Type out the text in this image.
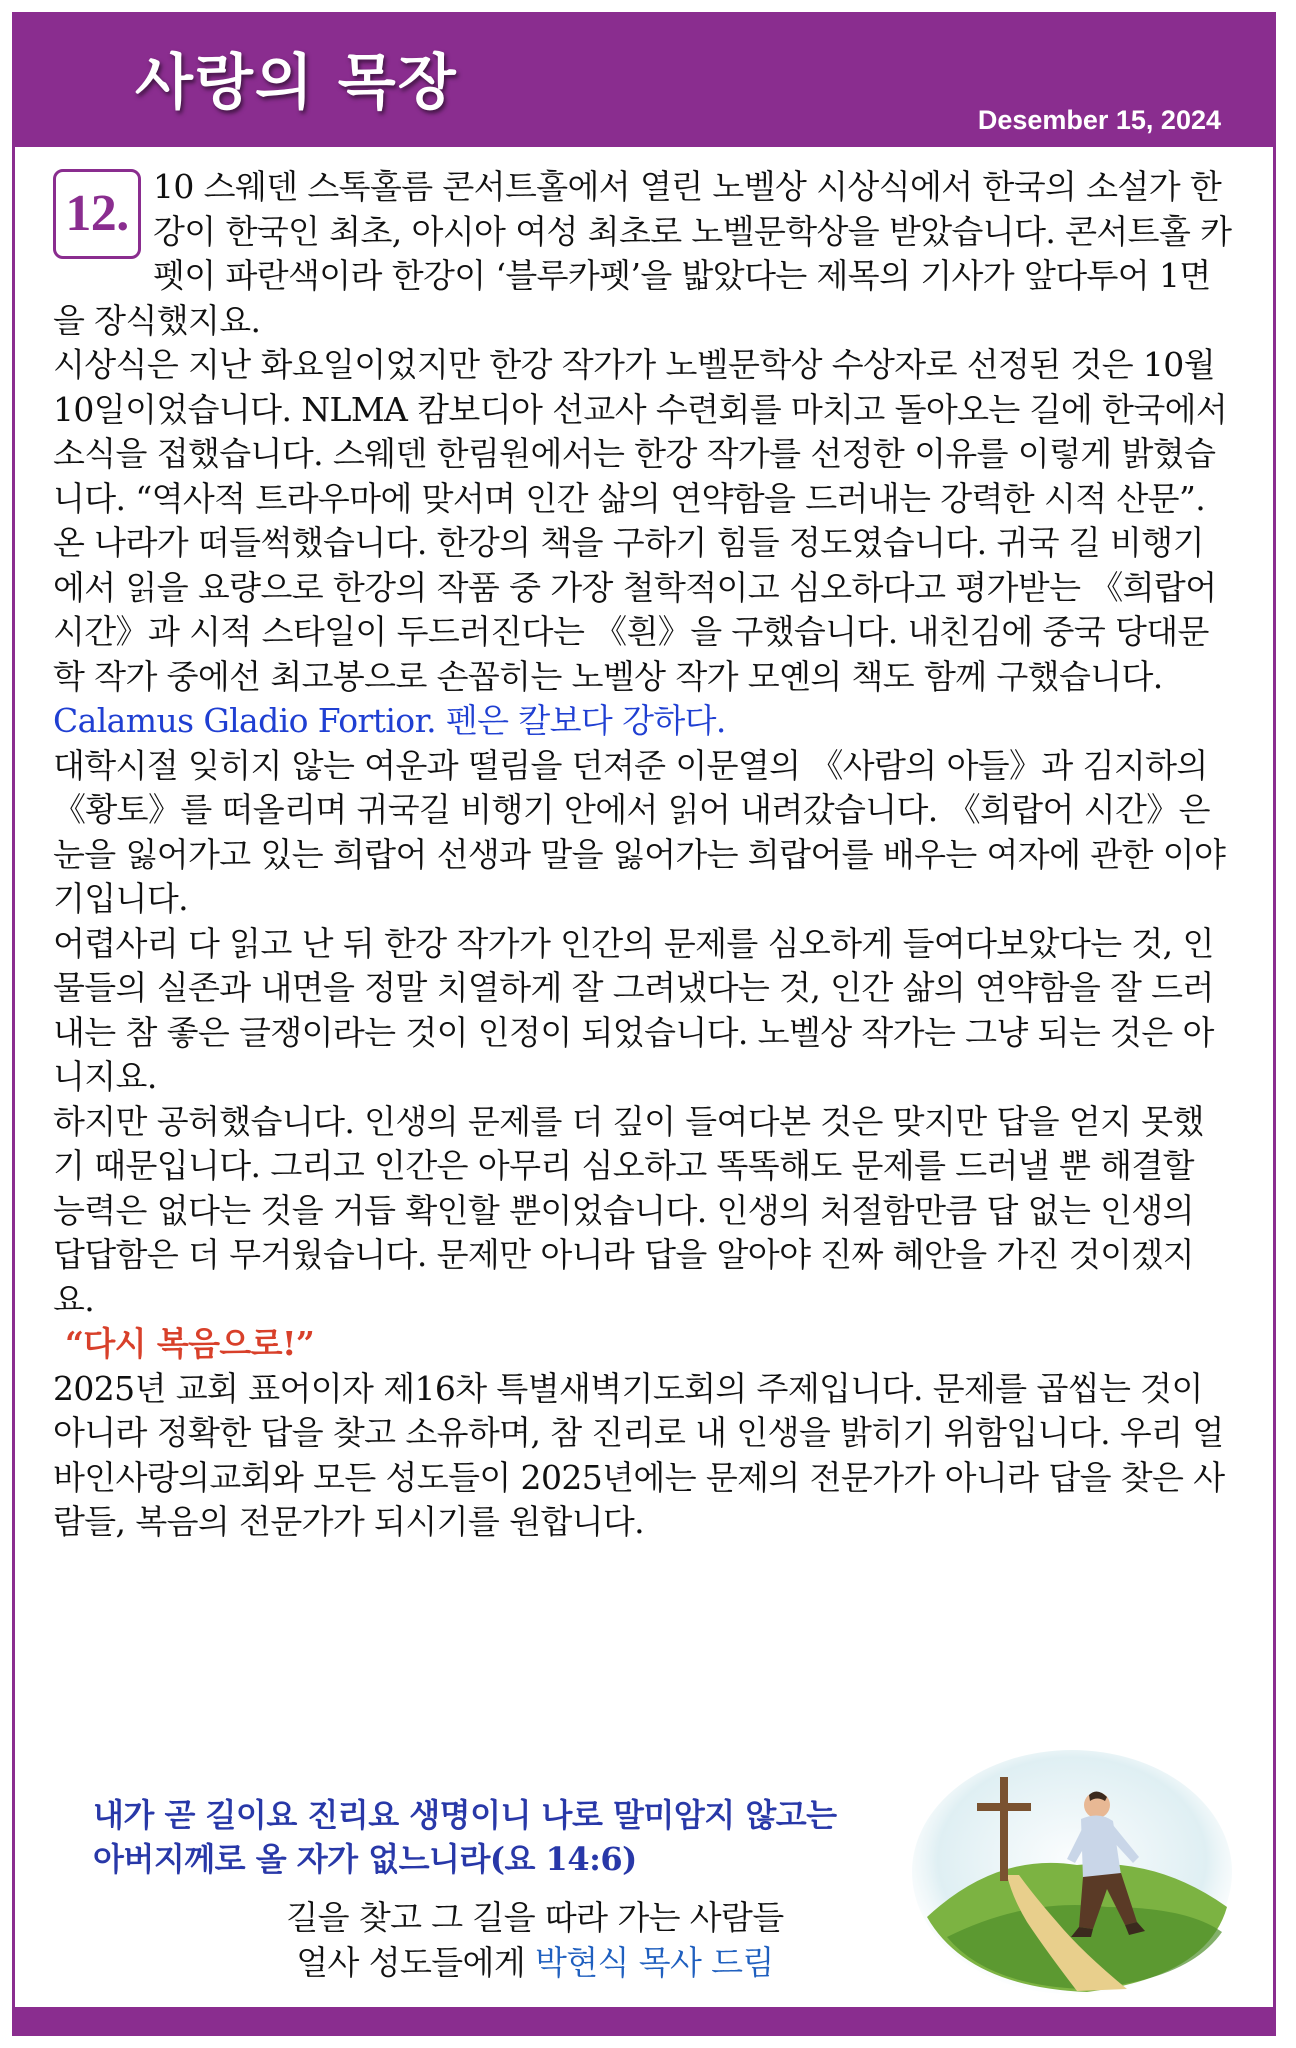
사랑의 목장
Desember 15, 2024

12. 10 스웨덴 스톡홀름 콘서트홀에서 열린 노벨상 시상식에서 한국의 소설가 한강이 한국인 최초, 아시아 여성 최초로 노벨문학상을 받았습니다. 콘서트홀 카펫이 파란색이라 한강이 ‘블루카펫’을 밟았다는 제목의 기사가 앞다투어 1면을 장식했지요.

시상식은 지난 화요일이었지만 한강 작가가 노벨문학상 수상자로 선정된 것은 10월 10일이었습니다. NLMA 캄보디아 선교사 수련회를 마치고 돌아오는 길에 한국에서 소식을 접했습니다. 스웨덴 한림원에서는 한강 작가를 선정한 이유를 이렇게 밝혔습니다. “역사적 트라우마에 맞서며 인간 삶의 연약함을 드러내는 강력한 시적 산문”. 온 나라가 떠들썩했습니다. 한강의 책을 구하기 힘들 정도였습니다. 귀국 길 비행기에서 읽을 요량으로 한강의 작품 중 가장 철학적이고 심오하다고 평가받는 《희랍어 시간》과 시적 스타일이 두드러진다는 《흰》을 구했습니다. 내친김에 중국 당대문학 작가 중에선 최고봉으로 손꼽히는 노벨상 작가 모옌의 책도 함께 구했습니다.

Calamus Gladio Fortior. 펜은 칼보다 강하다.

대학시절 잊히지 않는 여운과 떨림을 던져준 이문열의 《사람의 아들》과 김지하의 《황토》를 떠올리며 귀국길 비행기 안에서 읽어 내려갔습니다. 《희랍어 시간》은 눈을 잃어가고 있는 희랍어 선생과 말을 잃어가는 희랍어를 배우는 여자에 관한 이야기입니다.

어렵사리 다 읽고 난 뒤 한강 작가가 인간의 문제를 심오하게 들여다보았다는 것, 인물들의 실존과 내면을 정말 치열하게 잘 그려냈다는 것, 인간 삶의 연약함을 잘 드러내는 참 좋은 글쟁이라는 것이 인정이 되었습니다. 노벨상 작가는 그냥 되는 것은 아니지요.

하지만 공허했습니다. 인생의 문제를 더 깊이 들여다본 것은 맞지만 답을 얻지 못했기 때문입니다. 그리고 인간은 아무리 심오하고 똑똑해도 문제를 드러낼 뿐 해결할 능력은 없다는 것을 거듭 확인할 뿐이었습니다. 인생의 처절함만큼 답 없는 인생의 답답함은 더 무거웠습니다. 문제만 아니라 답을 알아야 진짜 혜안을 가진 것이겠지요.

“다시 복음으로!”

2025년 교회 표어이자 제16차 특별새벽기도회의 주제입니다. 문제를 곱씹는 것이 아니라 정확한 답을 찾고 소유하며, 참 진리로 내 인생을 밝히기 위함입니다. 우리 얼바인사랑의교회와 모든 성도들이 2025년에는 문제의 전문가가 아니라 답을 찾은 사람들, 복음의 전문가가 되시기를 원합니다.

내가 곧 길이요 진리요 생명이니 나로 말미암지 않고는
아버지께로 올 자가 없느니라(요 14:6)
길을 찾고 그 길을 따라 가는 사람들
얼사 성도들에게 박현식 목사 드림
